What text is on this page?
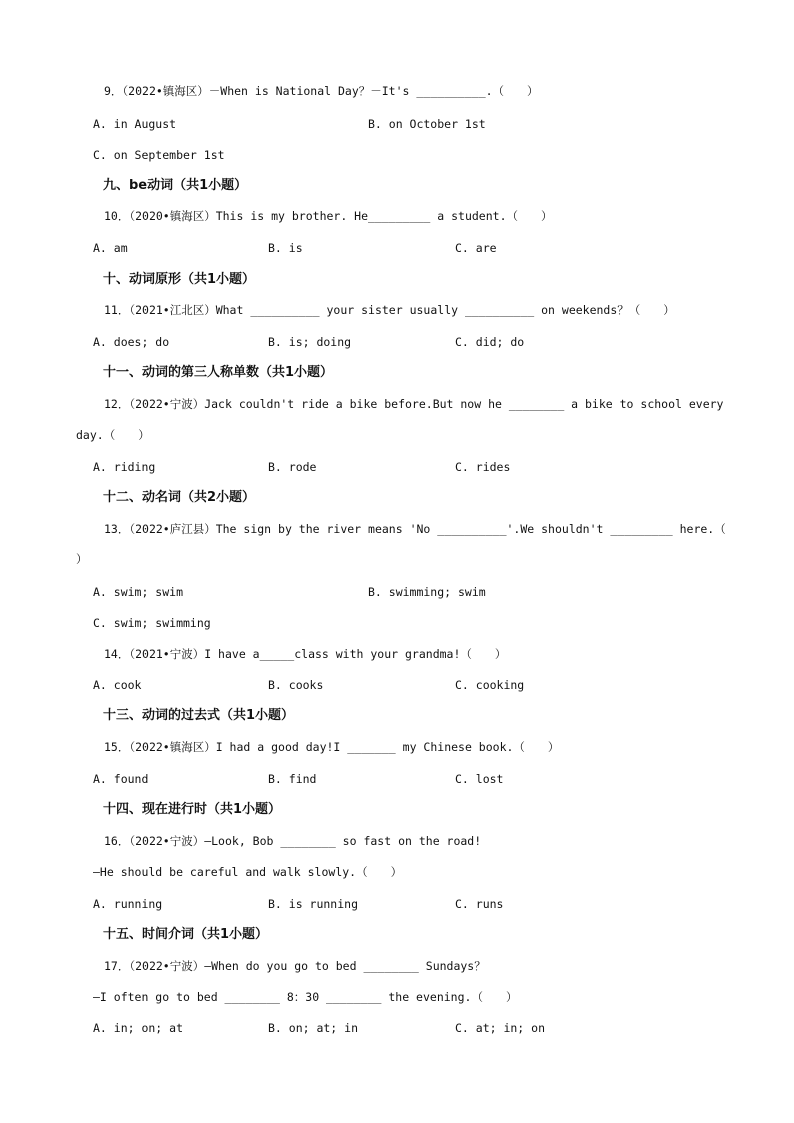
9．（2022•镇海区）－When is National Day？－It's __________.（　　）
A. in August	B. on October 1st
C. on September 1st
九、be动词（共1小题）
10．（2020•镇海区）This is my brother. He_________ a student.（　　）
A. am	B. is	C. are
十、动词原形（共1小题）
11．（2021•江北区）What __________ your sister usually __________ on weekends？（　　）
A. does; do	B. is; doing	C. did; do
十一、动词的第三人称单数（共1小题）
12．（2022•宁波）Jack couldn't ride a bike before.But now he ________ a bike to school every
day.（　　）
A. riding	B. rode	C. rides
十二、动名词（共2小题）
13．（2022•庐江县）The sign by the river means 'No __________'.We shouldn't _________ here.（
）
A. swim; swim	B. swimming; swim
C. swim; swimming
14．（2021•宁波）I have a_____class with your grandma!（　　）
A. cook	B. cooks	C. cooking
十三、动词的过去式（共1小题）
15．（2022•镇海区）I had a good day!I _______ my Chinese book.（　　）
A. found	B. find	C. lost
十四、现在进行时（共1小题）
16．（2022•宁波）—Look, Bob ________ so fast on the road!
—He should be careful and walk slowly.（　　）
A. running	B. is running	C. runs
十五、时间介词（共1小题）
17．（2022•宁波）—When do you go to bed ________ Sundays？
—I often go to bed ________ 8：30 ________ the evening.（　　）
A. in; on; at	B. on; at; in	C. at; in; on
